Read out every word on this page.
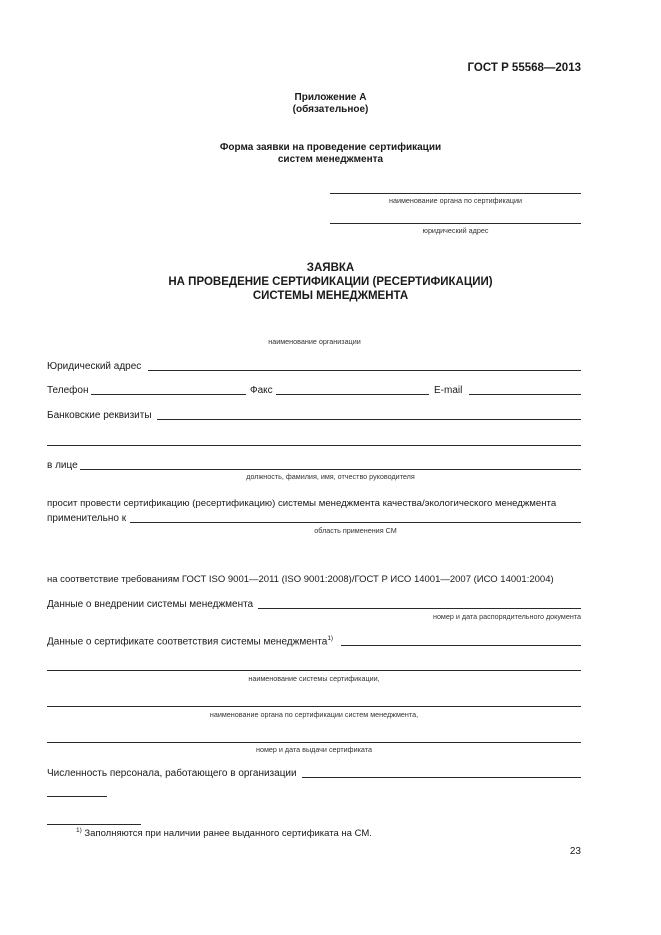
ГОСТ Р 55568—2013
Приложение А
(обязательное)
Форма заявки на проведение сертификации
систем менеджмента
наименование органа по сертификации
юридический адрес
ЗАЯВКА
НА ПРОВЕДЕНИЕ СЕРТИФИКАЦИИ (РЕСЕРТИФИКАЦИИ)
СИСТЕМЫ МЕНЕДЖМЕНТА
наименование организации
Юридический адрес
Телефон	Факс	E-mail
Банковские реквизиты
в лице
должность, фамилия, имя, отчество руководителя
просит провести сертификацию (ресертификацию) системы менеджмента качества/экологического менеджмента
применительно к
область применения СМ
на соответствие требованиям ГОСТ ISO 9001—2011 (ISO 9001:2008)/ГОСТ Р ИСО 14001—2007 (ИСО 14001:2004)
Данные о внедрении системы менеджмента
номер и дата распорядительного документа
Данные о сертификате соответствия системы менеджмента$^{1)}$
наименование системы сертификации,
наименование органа по сертификации систем менеджмента,
номер и дата выдачи сертификата
Численность персонала, работающего в организации
$^{1)}$ Заполняются при наличии ранее выданного сертификата на СМ.
23
